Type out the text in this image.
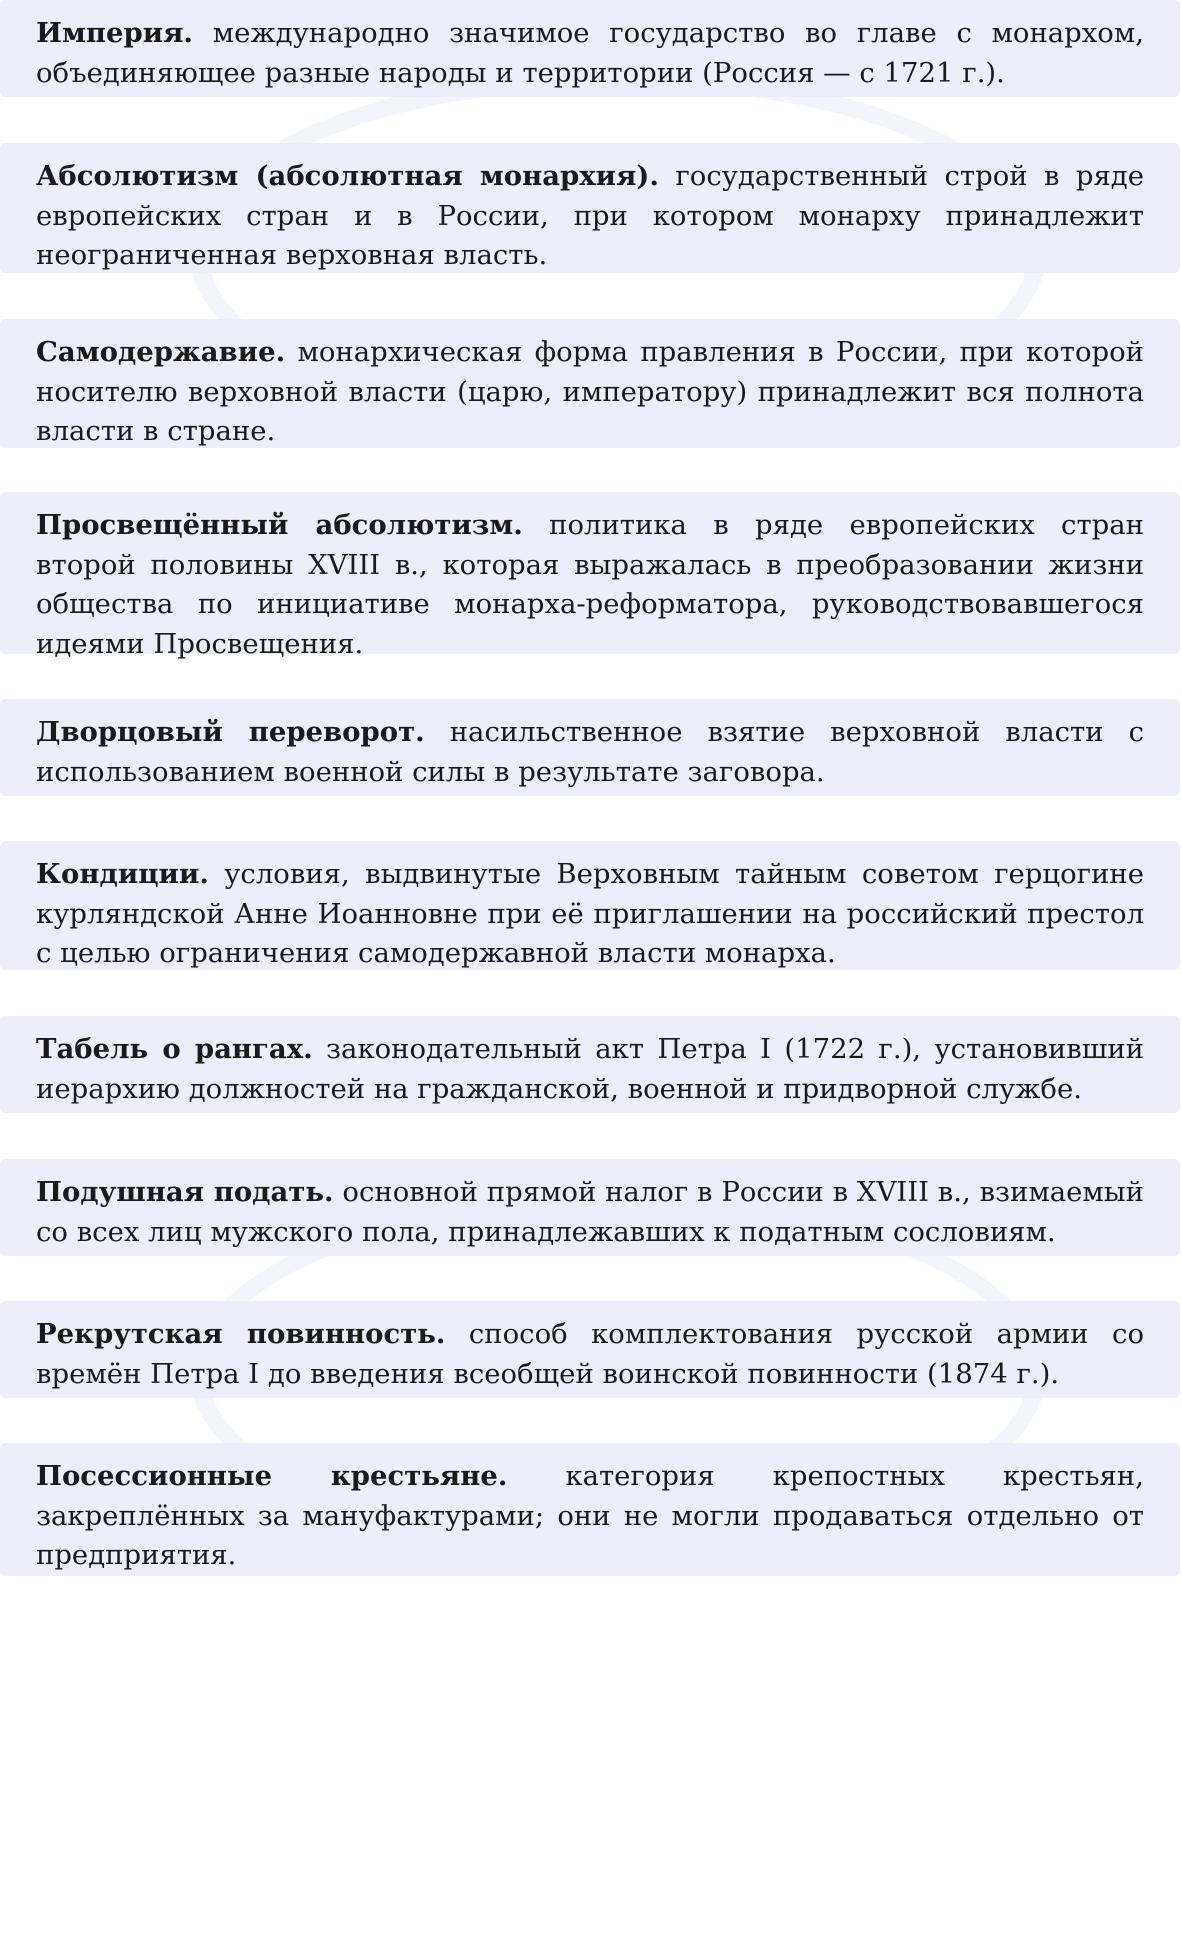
Империя. международно значимое государство во главе с монархом, объединяющее разные народы и территории (Россия — с 1721 г.).
Абсолютизм (абсолютная монархия). государственный строй в ряде европейских стран и в России, при котором монарху принадлежит неограниченная верховная власть.
Самодержавие. монархическая форма правления в России, при которой носителю верховной власти (царю, императору) принадлежит вся полнота власти в стране.
Просвещённый абсолютизм. политика в ряде европейских стран второй половины XVIII в., которая выражалась в преобразовании жизни общества по инициативе монарха-реформатора, руководствовавшегося идеями Просвещения.
Дворцовый переворот. насильственное взятие верховной власти с использованием военной силы в результате заговора.
Кондиции. условия, выдвинутые Верховным тайным советом герцогине курляндской Анне Иоанновне при её приглашении на российский престол с целью ограничения самодержавной власти монарха.
Табель о рангах. законодательный акт Петра I (1722 г.), установивший иерархию должностей на гражданской, военной и придворной службе.
Подушная подать. основной прямой налог в России в XVIII в., взимаемый со всех лиц мужского пола, принадлежавших к податным сословиям.
Рекрутская повинность. способ комплектования русской армии со времён Петра I до введения всеобщей воинской повинности (1874 г.).
Посессионные крестьяне. категория крепостных крестьян, закреплённых за мануфактурами; они не могли продаваться отдельно от предприятия.
